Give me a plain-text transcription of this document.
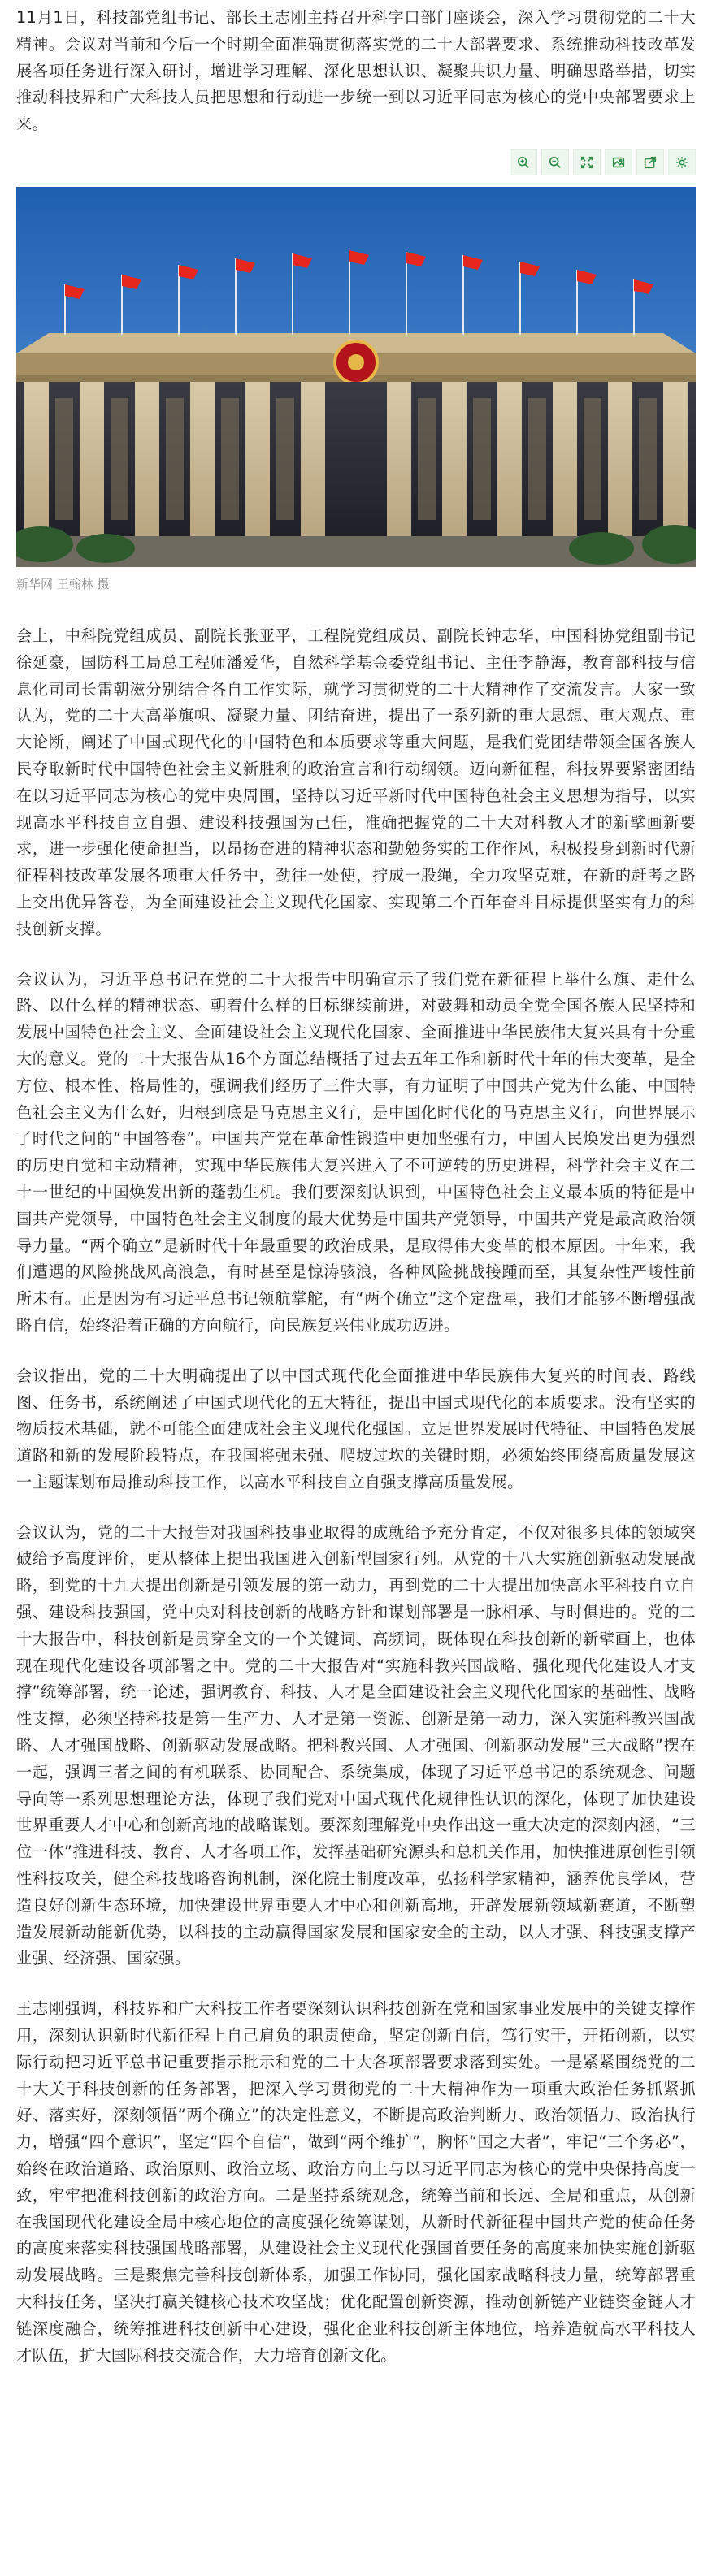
11月1日，科技部党组书记、部长王志刚主持召开科字口部门座谈会，深入学习贯彻党的二十大精神。会议对当前和今后一个时期全面准确贯彻落实党的二十大部署要求、系统推动科技改革发展各项任务进行深入研讨，增进学习理解、深化思想认识、凝聚共识力量、明确思路举措，切实推动科技界和广大科技人员把思想和行动进一步统一到以习近平同志为核心的党中央部署要求上来。

新华网 王翰林 摄

会上，中科院党组成员、副院长张亚平，工程院党组成员、副院长钟志华，中国科协党组副书记徐延豪，国防科工局总工程师潘爱华，自然科学基金委党组书记、主任李静海，教育部科技与信息化司司长雷朝滋分别结合各自工作实际，就学习贯彻党的二十大精神作了交流发言。大家一致认为，党的二十大高举旗帜、凝聚力量、团结奋进，提出了一系列新的重大思想、重大观点、重大论断，阐述了中国式现代化的中国特色和本质要求等重大问题，是我们党团结带领全国各族人民夺取新时代中国特色社会主义新胜利的政治宣言和行动纲领。迈向新征程，科技界要紧密团结在以习近平同志为核心的党中央周围，坚持以习近平新时代中国特色社会主义思想为指导，以实现高水平科技自立自强、建设科技强国为己任，准确把握党的二十大对科教人才的新擘画新要求，进一步强化使命担当，以昂扬奋进的精神状态和勤勉务实的工作作风，积极投身到新时代新征程科技改革发展各项重大任务中，劲往一处使，拧成一股绳，全力攻坚克难，在新的赶考之路上交出优异答卷，为全面建设社会主义现代化国家、实现第二个百年奋斗目标提供坚实有力的科技创新支撑。

会议认为，习近平总书记在党的二十大报告中明确宣示了我们党在新征程上举什么旗、走什么路、以什么样的精神状态、朝着什么样的目标继续前进，对鼓舞和动员全党全国各族人民坚持和发展中国特色社会主义、全面建设社会主义现代化国家、全面推进中华民族伟大复兴具有十分重大的意义。党的二十大报告从16个方面总结概括了过去五年工作和新时代十年的伟大变革，是全方位、根本性、格局性的，强调我们经历了三件大事，有力证明了中国共产党为什么能、中国特色社会主义为什么好，归根到底是马克思主义行，是中国化时代化的马克思主义行，向世界展示了时代之问的“中国答卷”。中国共产党在革命性锻造中更加坚强有力，中国人民焕发出更为强烈的历史自觉和主动精神，实现中华民族伟大复兴进入了不可逆转的历史进程，科学社会主义在二十一世纪的中国焕发出新的蓬勃生机。我们要深刻认识到，中国特色社会主义最本质的特征是中国共产党领导，中国特色社会主义制度的最大优势是中国共产党领导，中国共产党是最高政治领导力量。“两个确立”是新时代十年最重要的政治成果，是取得伟大变革的根本原因。十年来，我们遭遇的风险挑战风高浪急，有时甚至是惊涛骇浪，各种风险挑战接踵而至，其复杂性严峻性前所未有。正是因为有习近平总书记领航掌舵，有“两个确立”这个定盘星，我们才能够不断增强战略自信，始终沿着正确的方向航行，向民族复兴伟业成功迈进。

会议指出，党的二十大明确提出了以中国式现代化全面推进中华民族伟大复兴的时间表、路线图、任务书，系统阐述了中国式现代化的五大特征，提出中国式现代化的本质要求。没有坚实的物质技术基础，就不可能全面建成社会主义现代化强国。立足世界发展时代特征、中国特色发展道路和新的发展阶段特点，在我国将强未强、爬坡过坎的关键时期，必须始终围绕高质量发展这一主题谋划布局推动科技工作，以高水平科技自立自强支撑高质量发展。

会议认为，党的二十大报告对我国科技事业取得的成就给予充分肯定，不仅对很多具体的领域突破给予高度评价，更从整体上提出我国进入创新型国家行列。从党的十八大实施创新驱动发展战略，到党的十九大提出创新是引领发展的第一动力，再到党的二十大提出加快高水平科技自立自强、建设科技强国，党中央对科技创新的战略方针和谋划部署是一脉相承、与时俱进的。党的二十大报告中，科技创新是贯穿全文的一个关键词、高频词，既体现在科技创新的新擘画上，也体现在现代化建设各项部署之中。党的二十大报告对“实施科教兴国战略、强化现代化建设人才支撑”统筹部署，统一论述，强调教育、科技、人才是全面建设社会主义现代化国家的基础性、战略性支撑，必须坚持科技是第一生产力、人才是第一资源、创新是第一动力，深入实施科教兴国战略、人才强国战略、创新驱动发展战略。把科教兴国、人才强国、创新驱动发展“三大战略”摆在一起，强调三者之间的有机联系、协同配合、系统集成，体现了习近平总书记的系统观念、问题导向等一系列思想理论方法，体现了我们党对中国式现代化规律性认识的深化，体现了加快建设世界重要人才中心和创新高地的战略谋划。要深刻理解党中央作出这一重大决定的深刻内涵，“三位一体”推进科技、教育、人才各项工作，发挥基础研究源头和总机关作用，加快推进原创性引领性科技攻关，健全科技战略咨询机制，深化院士制度改革，弘扬科学家精神，涵养优良学风，营造良好创新生态环境，加快建设世界重要人才中心和创新高地，开辟发展新领域新赛道，不断塑造发展新动能新优势，以科技的主动赢得国家发展和国家安全的主动，以人才强、科技强支撑产业强、经济强、国家强。

王志刚强调，科技界和广大科技工作者要深刻认识科技创新在党和国家事业发展中的关键支撑作用，深刻认识新时代新征程上自己肩负的职责使命，坚定创新自信，笃行实干，开拓创新，以实际行动把习近平总书记重要指示批示和党的二十大各项部署要求落到实处。一是紧紧围绕党的二十大关于科技创新的任务部署，把深入学习贯彻党的二十大精神作为一项重大政治任务抓紧抓好、落实好，深刻领悟“两个确立”的决定性意义，不断提高政治判断力、政治领悟力、政治执行力，增强“四个意识”，坚定“四个自信”，做到“两个维护”，胸怀“国之大者”，牢记“三个务必”，始终在政治道路、政治原则、政治立场、政治方向上与以习近平同志为核心的党中央保持高度一致，牢牢把准科技创新的政治方向。二是坚持系统观念，统筹当前和长远、全局和重点，从创新在我国现代化建设全局中核心地位的高度强化统筹谋划，从新时代新征程中国共产党的使命任务的高度来落实科技强国战略部署，从建设社会主义现代化强国首要任务的高度来加快实施创新驱动发展战略。三是聚焦完善科技创新体系，加强工作协同，强化国家战略科技力量，统筹部署重大科技任务，坚决打赢关键核心技术攻坚战；优化配置创新资源，推动创新链产业链资金链人才链深度融合，统筹推进科技创新中心建设，强化企业科技创新主体地位，培养造就高水平科技人才队伍，扩大国际科技交流合作，大力培育创新文化。
